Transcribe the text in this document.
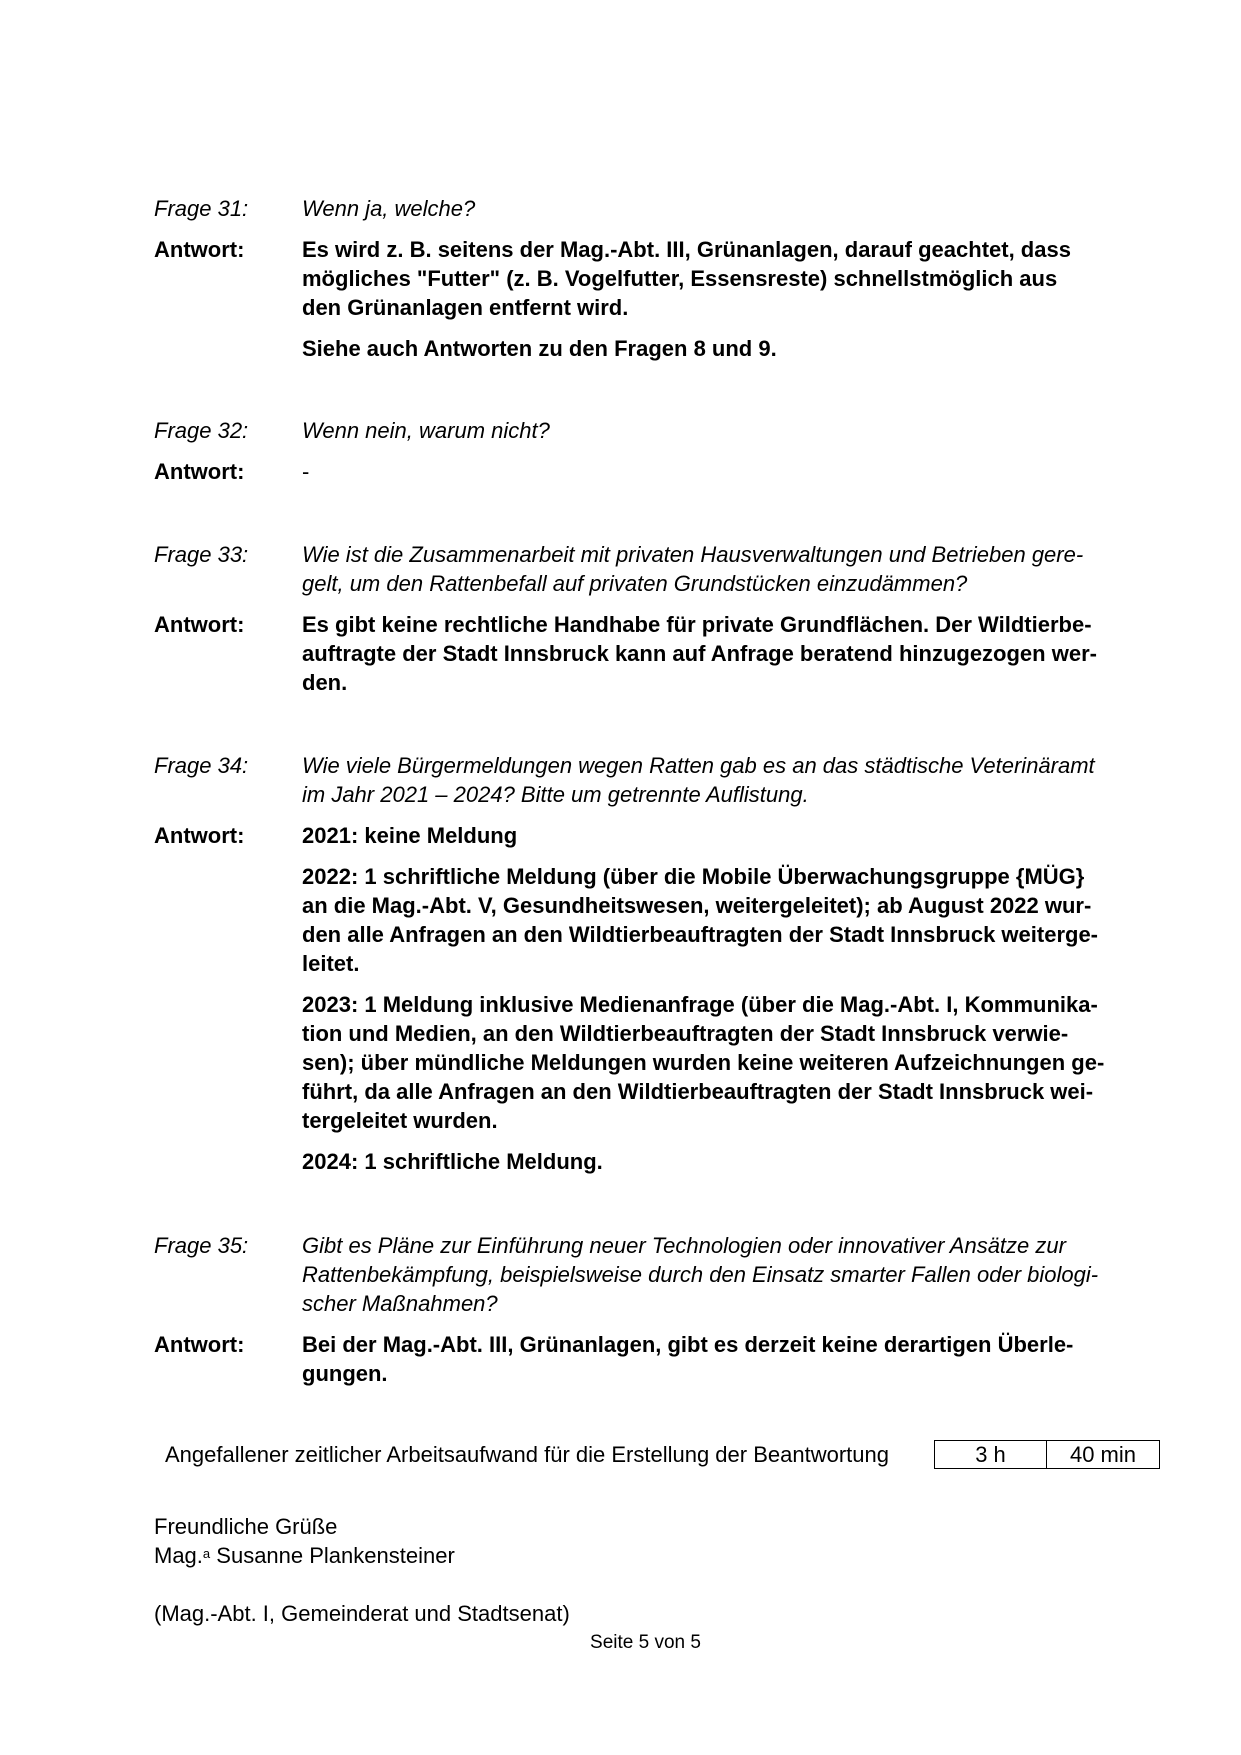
Frage 31:	Wenn ja, welche?
Antwort:	Es wird z. B. seitens der Mag.-Abt. III, Grünanlagen, darauf geachtet, dass
mögliches "Futter" (z. B. Vogelfutter, Essensreste) schnellstmöglich aus
den Grünanlagen entfernt wird.
Siehe auch Antworten zu den Fragen 8 und 9.
Frage 32:	Wenn nein, warum nicht?
Antwort:	-
Frage 33:	Wie ist die Zusammenarbeit mit privaten Hausverwaltungen und Betrieben gere-
gelt, um den Rattenbefall auf privaten Grundstücken einzudämmen?
Antwort:	Es gibt keine rechtliche Handhabe für private Grundflächen. Der Wildtierbe-
auftragte der Stadt Innsbruck kann auf Anfrage beratend hinzugezogen wer-
den.
Frage 34:	Wie viele Bürgermeldungen wegen Ratten gab es an das städtische Veterinäramt
im Jahr 2021 – 2024? Bitte um getrennte Auflistung.
Antwort:	2021: keine Meldung
2022: 1 schriftliche Meldung (über die Mobile Überwachungsgruppe {MÜG}
an die Mag.-Abt. V, Gesundheitswesen, weitergeleitet); ab August 2022 wur-
den alle Anfragen an den Wildtierbeauftragten der Stadt Innsbruck weiterge-
leitet.
2023: 1 Meldung inklusive Medienanfrage (über die Mag.-Abt. I, Kommunika-
tion und Medien, an den Wildtierbeauftragten der Stadt Innsbruck verwie-
sen); über mündliche Meldungen wurden keine weiteren Aufzeichnungen ge-
führt, da alle Anfragen an den Wildtierbeauftragten der Stadt Innsbruck wei-
tergeleitet wurden.
2024: 1 schriftliche Meldung.
Frage 35:	Gibt es Pläne zur Einführung neuer Technologien oder innovativer Ansätze zur
Rattenbekämpfung, beispielsweise durch den Einsatz smarter Fallen oder biologi-
scher Maßnahmen?
Antwort:	Bei der Mag.-Abt. III, Grünanlagen, gibt es derzeit keine derartigen Überle-
gungen.
Angefallener zeitlicher Arbeitsaufwand für die Erstellung der Beantwortung	3 h	40 min
Freundliche Grüße
Mag.$^a$ Susanne Plankensteiner
(Mag.-Abt. I, Gemeinderat und Stadtsenat)
Seite 5 von 5
